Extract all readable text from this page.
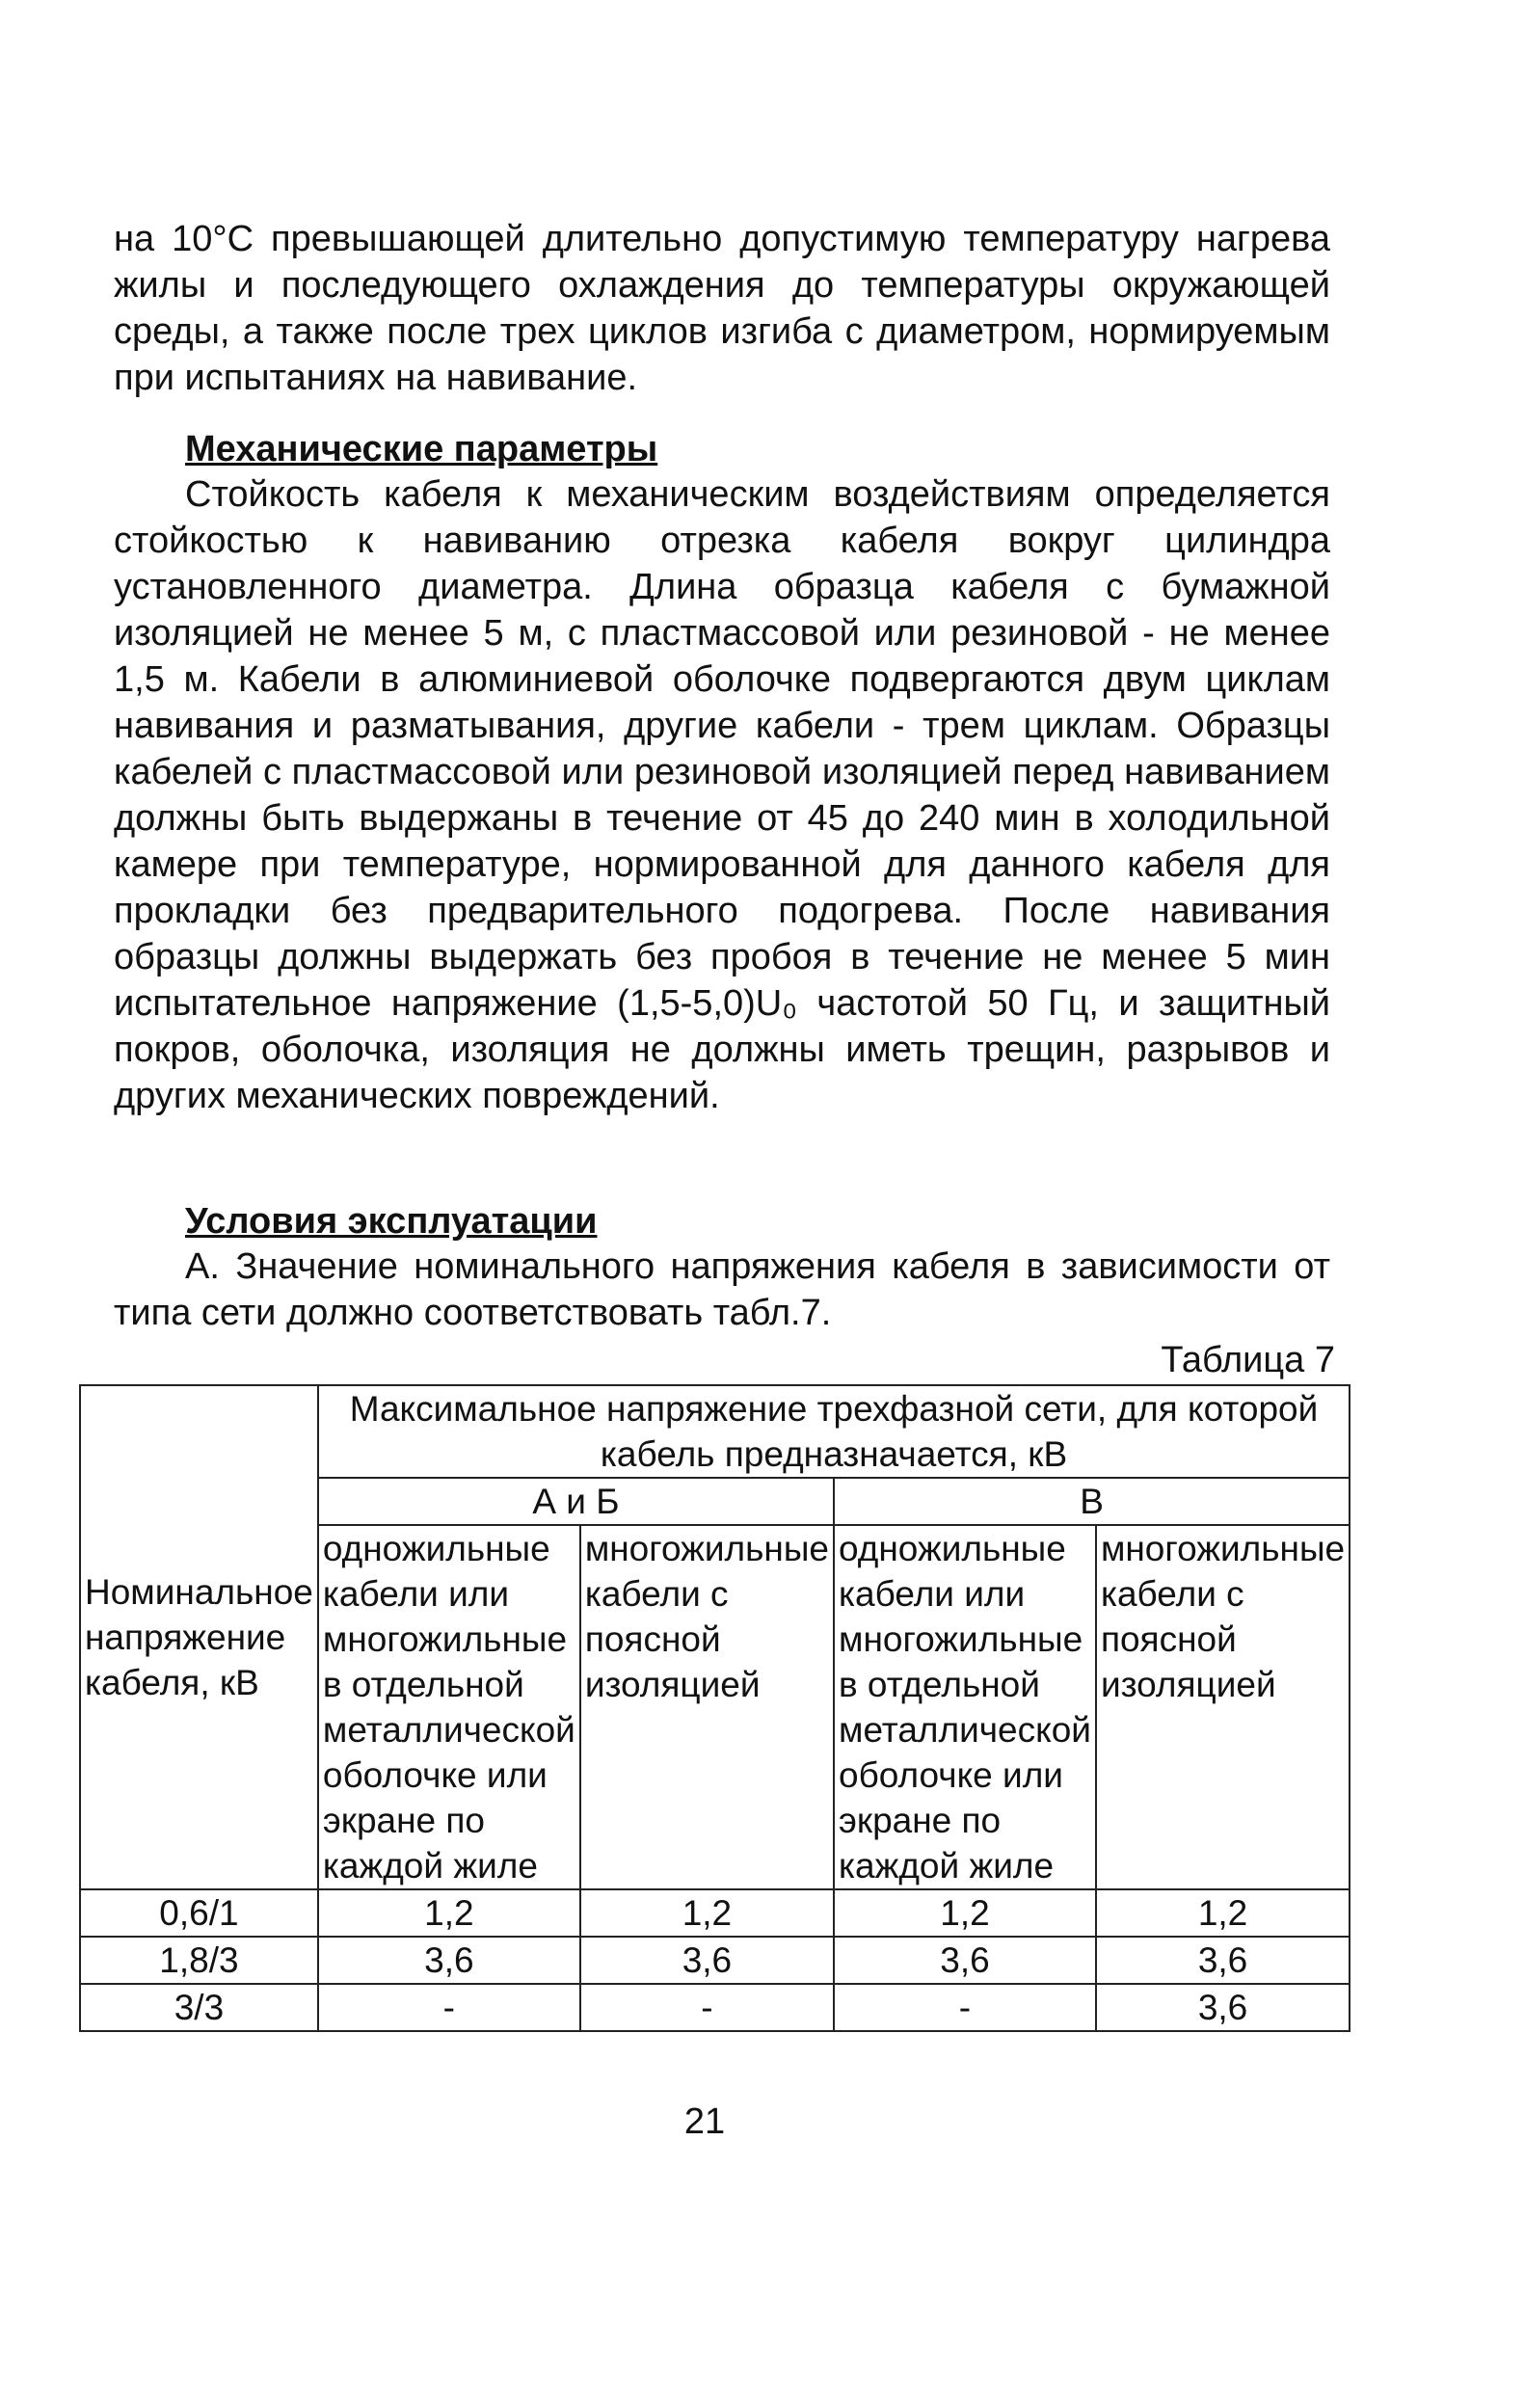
на 10°С превышающей длительно допустимую температуру нагрева жилы и последующего охлаждения до температуры окружающей среды, а также после трех циклов изгиба с диаметром, нормируемым при испытаниях на навивание.

Механические параметры

Стойкость кабеля к механическим воздействиям определяется стойкостью к навиванию отрезка кабеля вокруг цилиндра установленного диаметра. Длина образца кабеля с бумажной изоляцией не менее 5 м, с пластмассовой или резиновой - не менее 1,5 м. Кабели в алюминиевой оболочке подвергаются двум циклам навивания и разматывания, другие кабели - трем циклам. Образцы кабелей с пластмассовой или резиновой изоляцией перед навиванием должны быть выдержаны в течение от 45 до 240 мин в холодильной камере при температуре, нормированной для данного кабеля для прокладки без предварительного подогрева. После навивания образцы должны выдержать без пробоя в течение не менее 5 мин испытательное напряжение (1,5-5,0)U₀ частотой 50 Гц, и защитный покров, оболочка, изоляция не должны иметь трещин, разрывов и других механических повреждений.

Условия эксплуатации

А. Значение номинального напряжения кабеля в зависимости от типа сети должно соответствовать табл.7.

Таблица 7

Номинальное напряжение кабеля, кВ	Максимальное напряжение трехфазной сети, для которой кабель предназначается, кВ			
	А и Б		В	
	одножильные кабели или многожильные в отдельной металлической оболочке или экране по каждой жиле	многожильные кабели с поясной изоляцией	одножильные кабели или многожильные в отдельной металлической оболочке или экране по каждой жиле	многожильные кабели с поясной изоляцией
0,6/1	1,2	1,2	1,2	1,2
1,8/3	3,6	3,6	3,6	3,6
3/3	-	-	-	3,6
21
